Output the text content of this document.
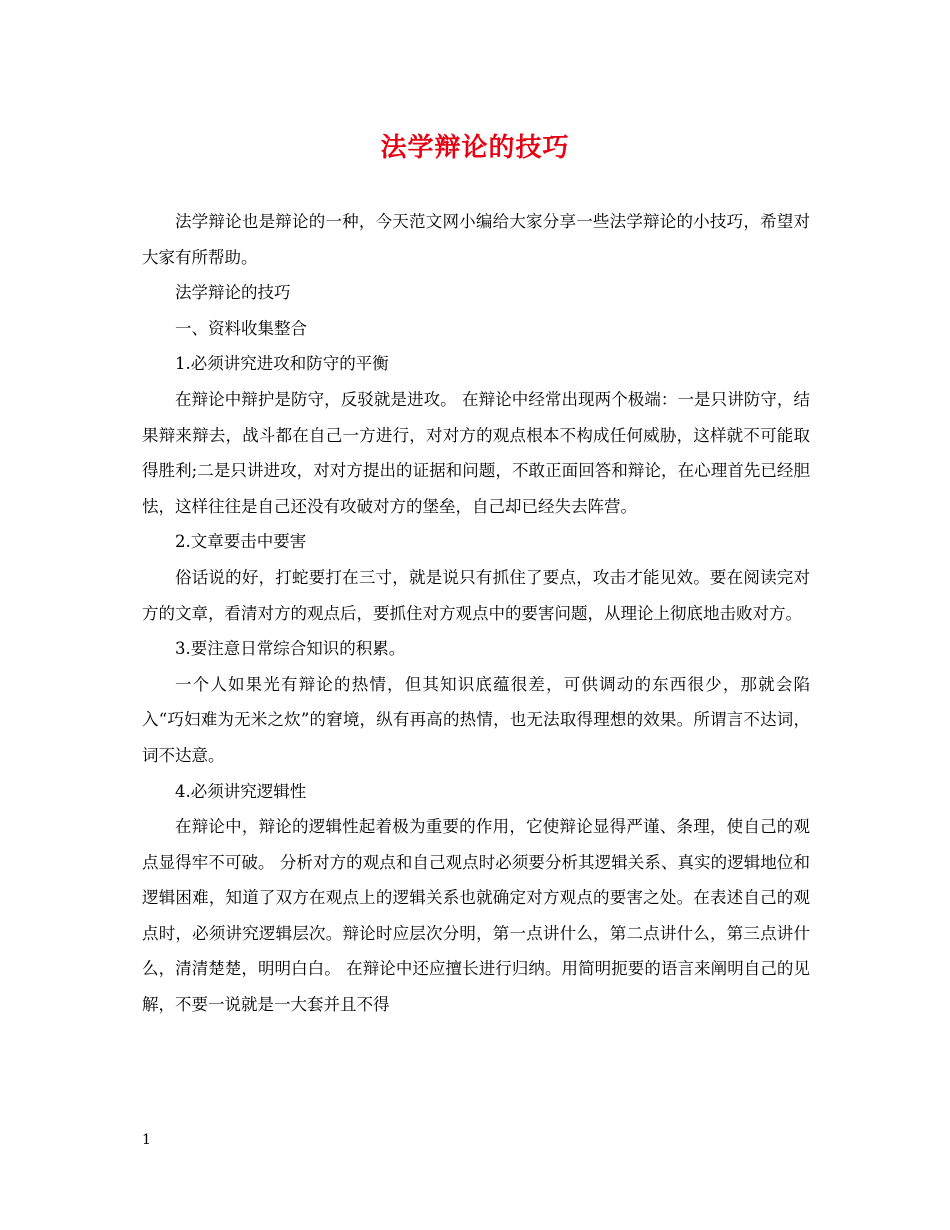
法学辩论的技巧

法学辩论也是辩论的一种，今天范文网小编给大家分享一些法学辩论的小技巧，希望对大家有所帮助。

法学辩论的技巧

一、资料收集整合

1.必须讲究进攻和防守的平衡

在辩论中辩护是防守，反驳就是进攻。 在辩论中经常出现两个极端：一是只讲防守，结果辩来辩去，战斗都在自己一方进行，对对方的观点根本不构成任何威胁，这样就不可能取得胜利;二是只讲进攻，对对方提出的证据和问题，不敢正面回答和辩论，在心理首先已经胆怯，这样往往是自己还没有攻破对方的堡垒，自己却已经失去阵营。

2.文章要击中要害

俗话说的好，打蛇要打在三寸，就是说只有抓住了要点，攻击才能见效。要在阅读完对方的文章，看清对方的观点后，要抓住对方观点中的要害问题，从理论上彻底地击败对方。

3.要注意日常综合知识的积累。

一个人如果光有辩论的热情，但其知识底蕴很差，可供调动的东西很少，那就会陷入“巧妇难为无米之炊”的窘境，纵有再高的热情，也无法取得理想的效果。所谓言不达词，词不达意。

4.必须讲究逻辑性

在辩论中，辩论的逻辑性起着极为重要的作用，它使辩论显得严谨、条理，使自己的观点显得牢不可破。 分析对方的观点和自己观点时必须要分析其逻辑关系、真实的逻辑地位和逻辑困难，知道了双方在观点上的逻辑关系也就确定对方观点的要害之处。在表述自己的观点时，必须讲究逻辑层次。辩论时应层次分明，第一点讲什么，第二点讲什么，第三点讲什么，清清楚楚，明明白白。 在辩论中还应擅长进行归纳。用简明扼要的语言来阐明自己的见解，不要一说就是一大套并且不得

1
